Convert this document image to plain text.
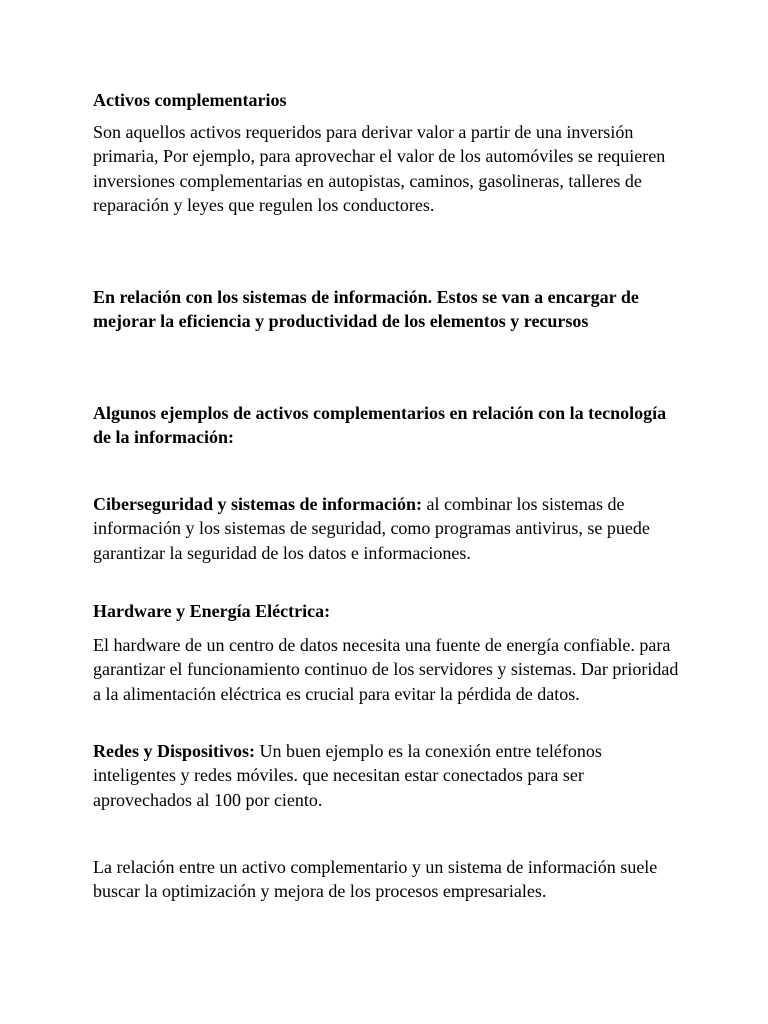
Activos complementarios

Son aquellos activos requeridos para derivar valor a partir de una inversión primaria, Por ejemplo, para aprovechar el valor de los automóviles se requieren inversiones complementarias en autopistas, caminos, gasolineras, talleres de reparación y leyes que regulen los conductores.

En relación con los sistemas de información. Estos se van a encargar de mejorar la eficiencia y productividad de los elementos y recursos

Algunos ejemplos de activos complementarios en relación con la tecnología de la información:

Ciberseguridad y sistemas de información: al combinar los sistemas de información y los sistemas de seguridad, como programas antivirus, se puede garantizar la seguridad de los datos e informaciones.

Hardware y Energía Eléctrica:

El hardware de un centro de datos necesita una fuente de energía confiable. para garantizar el funcionamiento continuo de los servidores y sistemas. Dar prioridad a la alimentación eléctrica es crucial para evitar la pérdida de datos.

Redes y Dispositivos: Un buen ejemplo es la conexión entre teléfonos inteligentes y redes móviles. que necesitan estar conectados para ser aprovechados al 100 por ciento.

La relación entre un activo complementario y un sistema de información suele buscar la optimización y mejora de los procesos empresariales.
